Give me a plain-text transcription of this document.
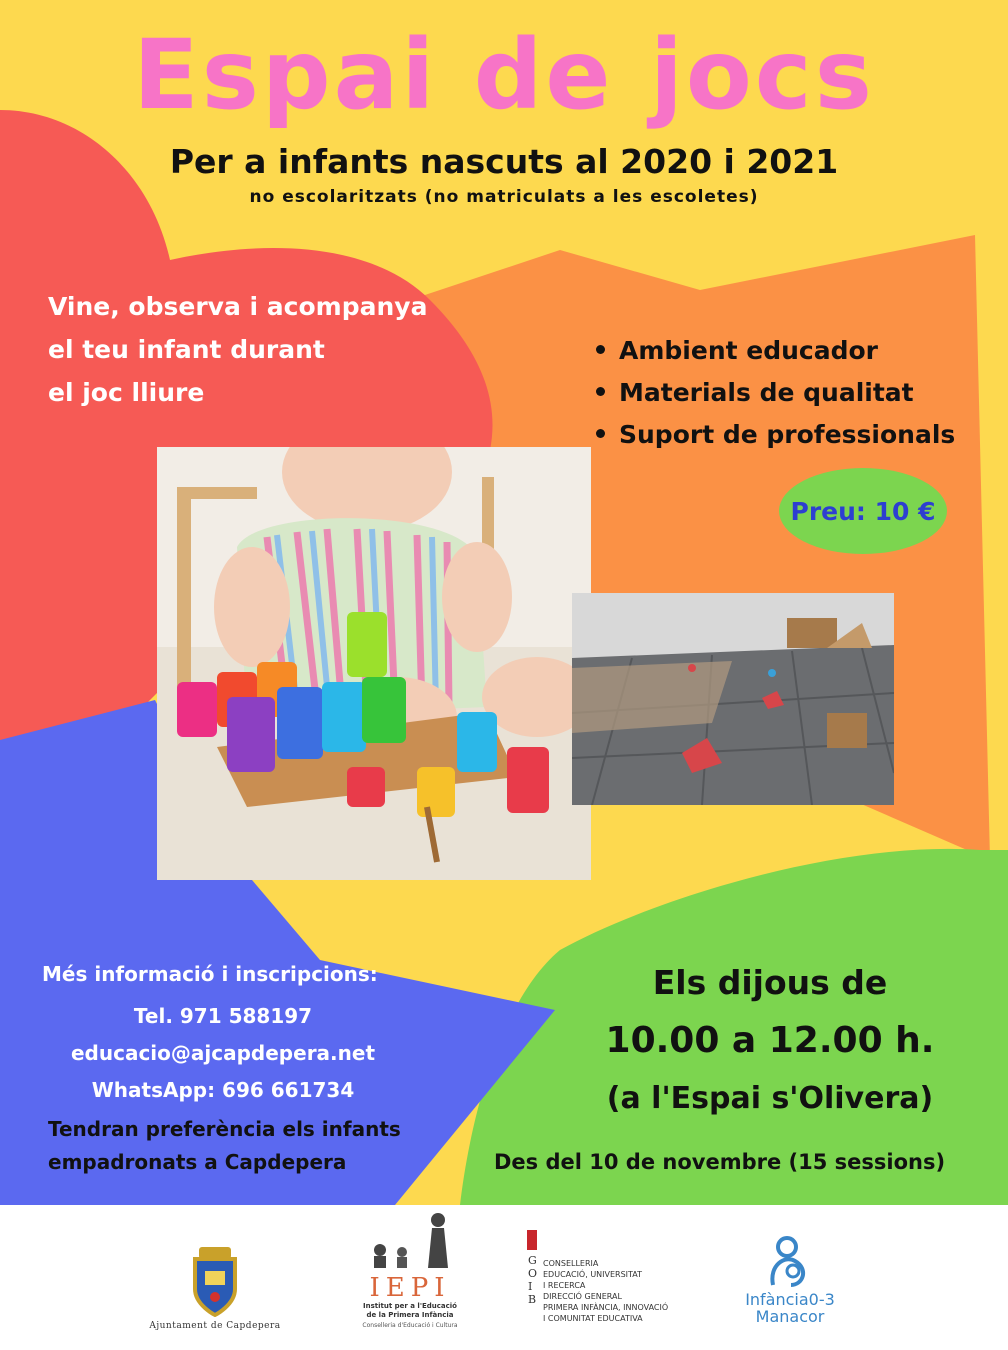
Espai de jocs
Per a infants nascuts al 2020 i 2021
no escolaritzats (no matriculats a les escoletes)
Vine, observa i acompanya
el teu infant durant
el joc lliure
Ambient educador
Materials de qualitat
Suport de professionals
Preu: 10 €
Més informació i inscripcions:
Tel. 971 588197
educacio@ajcapdepera.net
WhatsApp: 696 661734
Tendran preferència els infants
empadronats a Capdepera
Els dijous de
10.00 a 12.00 h.
(a l'Espai s'Olivera)
Des del 10 de novembre (15 sessions)
Ajuntament de Capdepera
IEPI
Institut per a l'Educació
de la Primera Infància
Conselleria d'Educació i Cultura
GOIB
CONSELLERIA
EDUCACIÓ, UNIVERSITAT
I RECERCA
DIRECCIÓ GENERAL
PRIMERA INFÀNCIA, INNOVACIÓ
I COMUNITAT EDUCATIVA
Infància0-3
Manacor
